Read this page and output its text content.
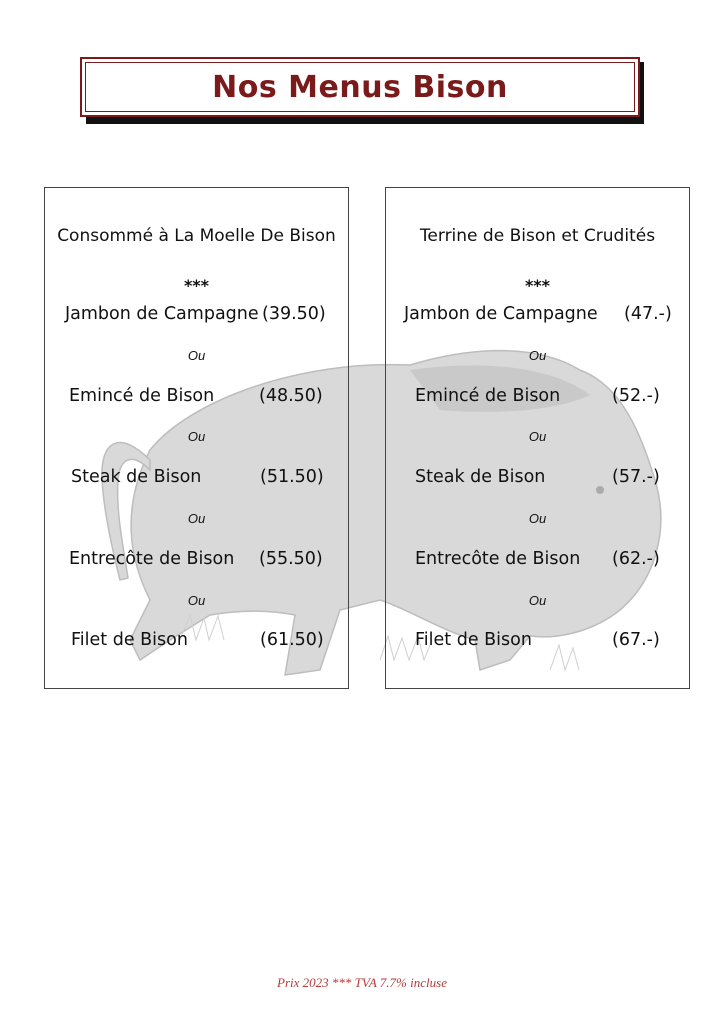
Nos Menus Bison
Consommé à La Moelle De Bison
***
Jambon de Campagne (39.50)
Ou
Emincé de Bison	(48.50)
Ou
Steak de Bison	(51.50)
Ou
Entrecôte de Bison (55.50)
Ou
Filet de Bison	(61.50)
Terrine de Bison et Crudités
***
Jambon de Campagne (47.-)
Ou
Emincé de Bison	(52.-)
Ou
Steak de Bison	(57.-)
Ou
Entrecôte de Bison (62.-)
Ou
Filet de Bison	(67.-)
Prix 2023 *** TVA 7.7% incluse
